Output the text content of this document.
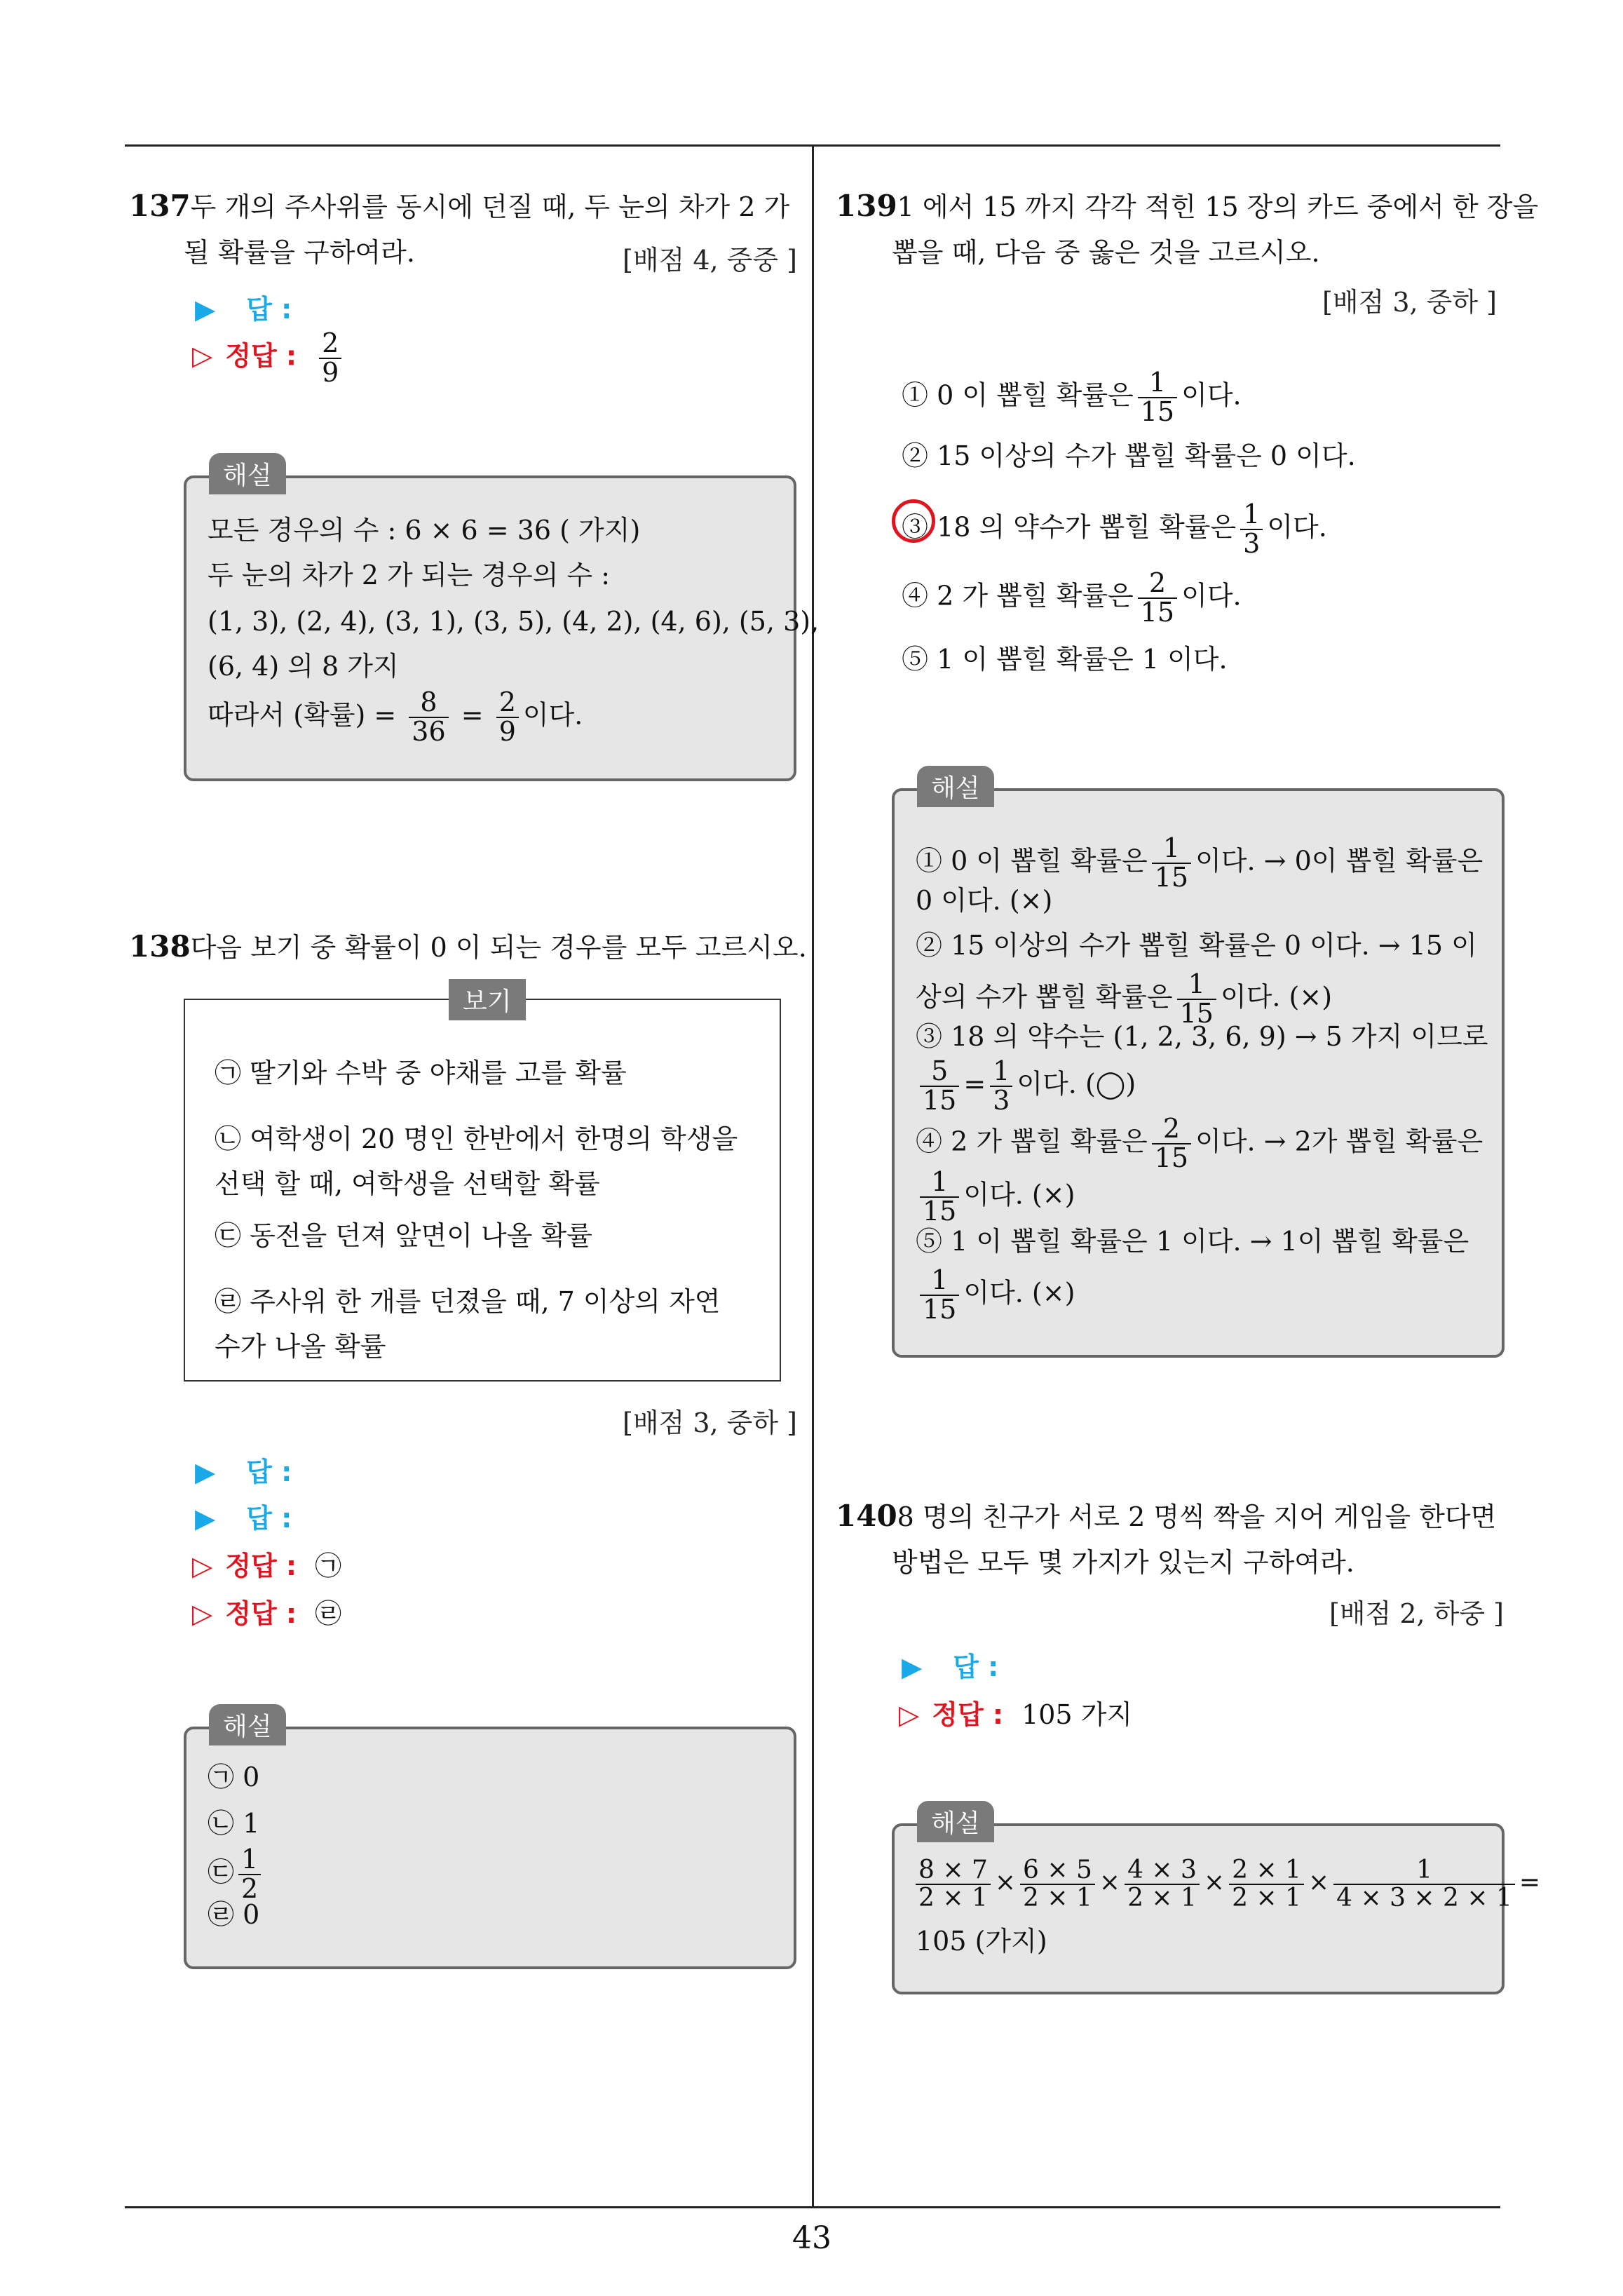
43
137두 개의 주사위를 동시에 던질 때, 두 눈의 차가 2 가
될 확률을 구하여라.	[배점 4, 중중 ]
▶ 답 :
▷ 정답 : $\frac{2}{9}$
해설
모든 경우의 수 : 6 × 6 = 36 ( 가지)
두 눈의 차가 2 가 되는 경우의 수 :
(1, 3), (2, 4), (3, 1), (3, 5), (4, 2), (4, 6), (5, 3),
(6, 4) 의 8 가지
따라서 (확률) = $\frac{8}{36} = \frac{2}{9}$ 이다.
138다음 보기 중 확률이 0 이 되는 경우를 모두 고르시오.
보기
㉠ 딸기와 수박 중 야채를 고를 확률
㉡ 여학생이 20 명인 한반에서 한명의 학생을
선택 할 때, 여학생을 선택할 확률
㉢ 동전을 던져 앞면이 나올 확률
㉣ 주사위 한 개를 던졌을 때, 7 이상의 자연
수가 나올 확률
[배점 3, 중하 ]
▶ 답 :
▶ 답 :
▷ 정답 : ㉠
▷ 정답 : ㉣
해설
㉠ 0
㉡ 1
㉢ $\frac{1}{2}$
㉣ 0
1391 에서 15 까지 각각 적힌 15 장의 카드 중에서 한 장을
뽑을 때, 다음 중 옳은 것을 고르시오.
[배점 3, 중하 ]
① 0 이 뽑힐 확률은 $\frac{1}{15}$ 이다.
② 15 이상의 수가 뽑힐 확률은 0 이다.
③ 18 의 약수가 뽑힐 확률은 $\frac{1}{3}$ 이다.
④ 2 가 뽑힐 확률은 $\frac{2}{15}$ 이다.
⑤ 1 이 뽑힐 확률은 1 이다.
해설
① 0 이 뽑힐 확률은 $\frac{1}{15}$ 이다. → 0이 뽑힐 확률은
0 이다. (×)
② 15 이상의 수가 뽑힐 확률은 0 이다. → 15 이
상의 수가 뽑힐 확률은 $\frac{1}{15}$ 이다. (×)
③ 18 의 약수는 (1, 2, 3, 6, 9) → 5 가지 이므로
$\frac{5}{15} = \frac{1}{3}$ 이다. (◯)
④ 2 가 뽑힐 확률은 $\frac{2}{15}$ 이다. → 2가 뽑힐 확률은
$\frac{1}{15}$ 이다. (×)
⑤ 1 이 뽑힐 확률은 1 이다. → 1이 뽑힐 확률은
$\frac{1}{15}$ 이다. (×)
1408 명의 친구가 서로 2 명씩 짝을 지어 게임을 한다면
방법은 모두 몇 가지가 있는지 구하여라.
[배점 2, 하중 ]
▶ 답 :
▷ 정답 : 105 가지
해설
$\frac{8 \times 7}{2 \times 1} \times \frac{6 \times 5}{2 \times 1} \times \frac{4 \times 3}{2 \times 1} \times \frac{2 \times 1}{2 \times 1} \times \frac{1}{4 \times 3 \times 2 \times 1}$ =
105 (가지)
